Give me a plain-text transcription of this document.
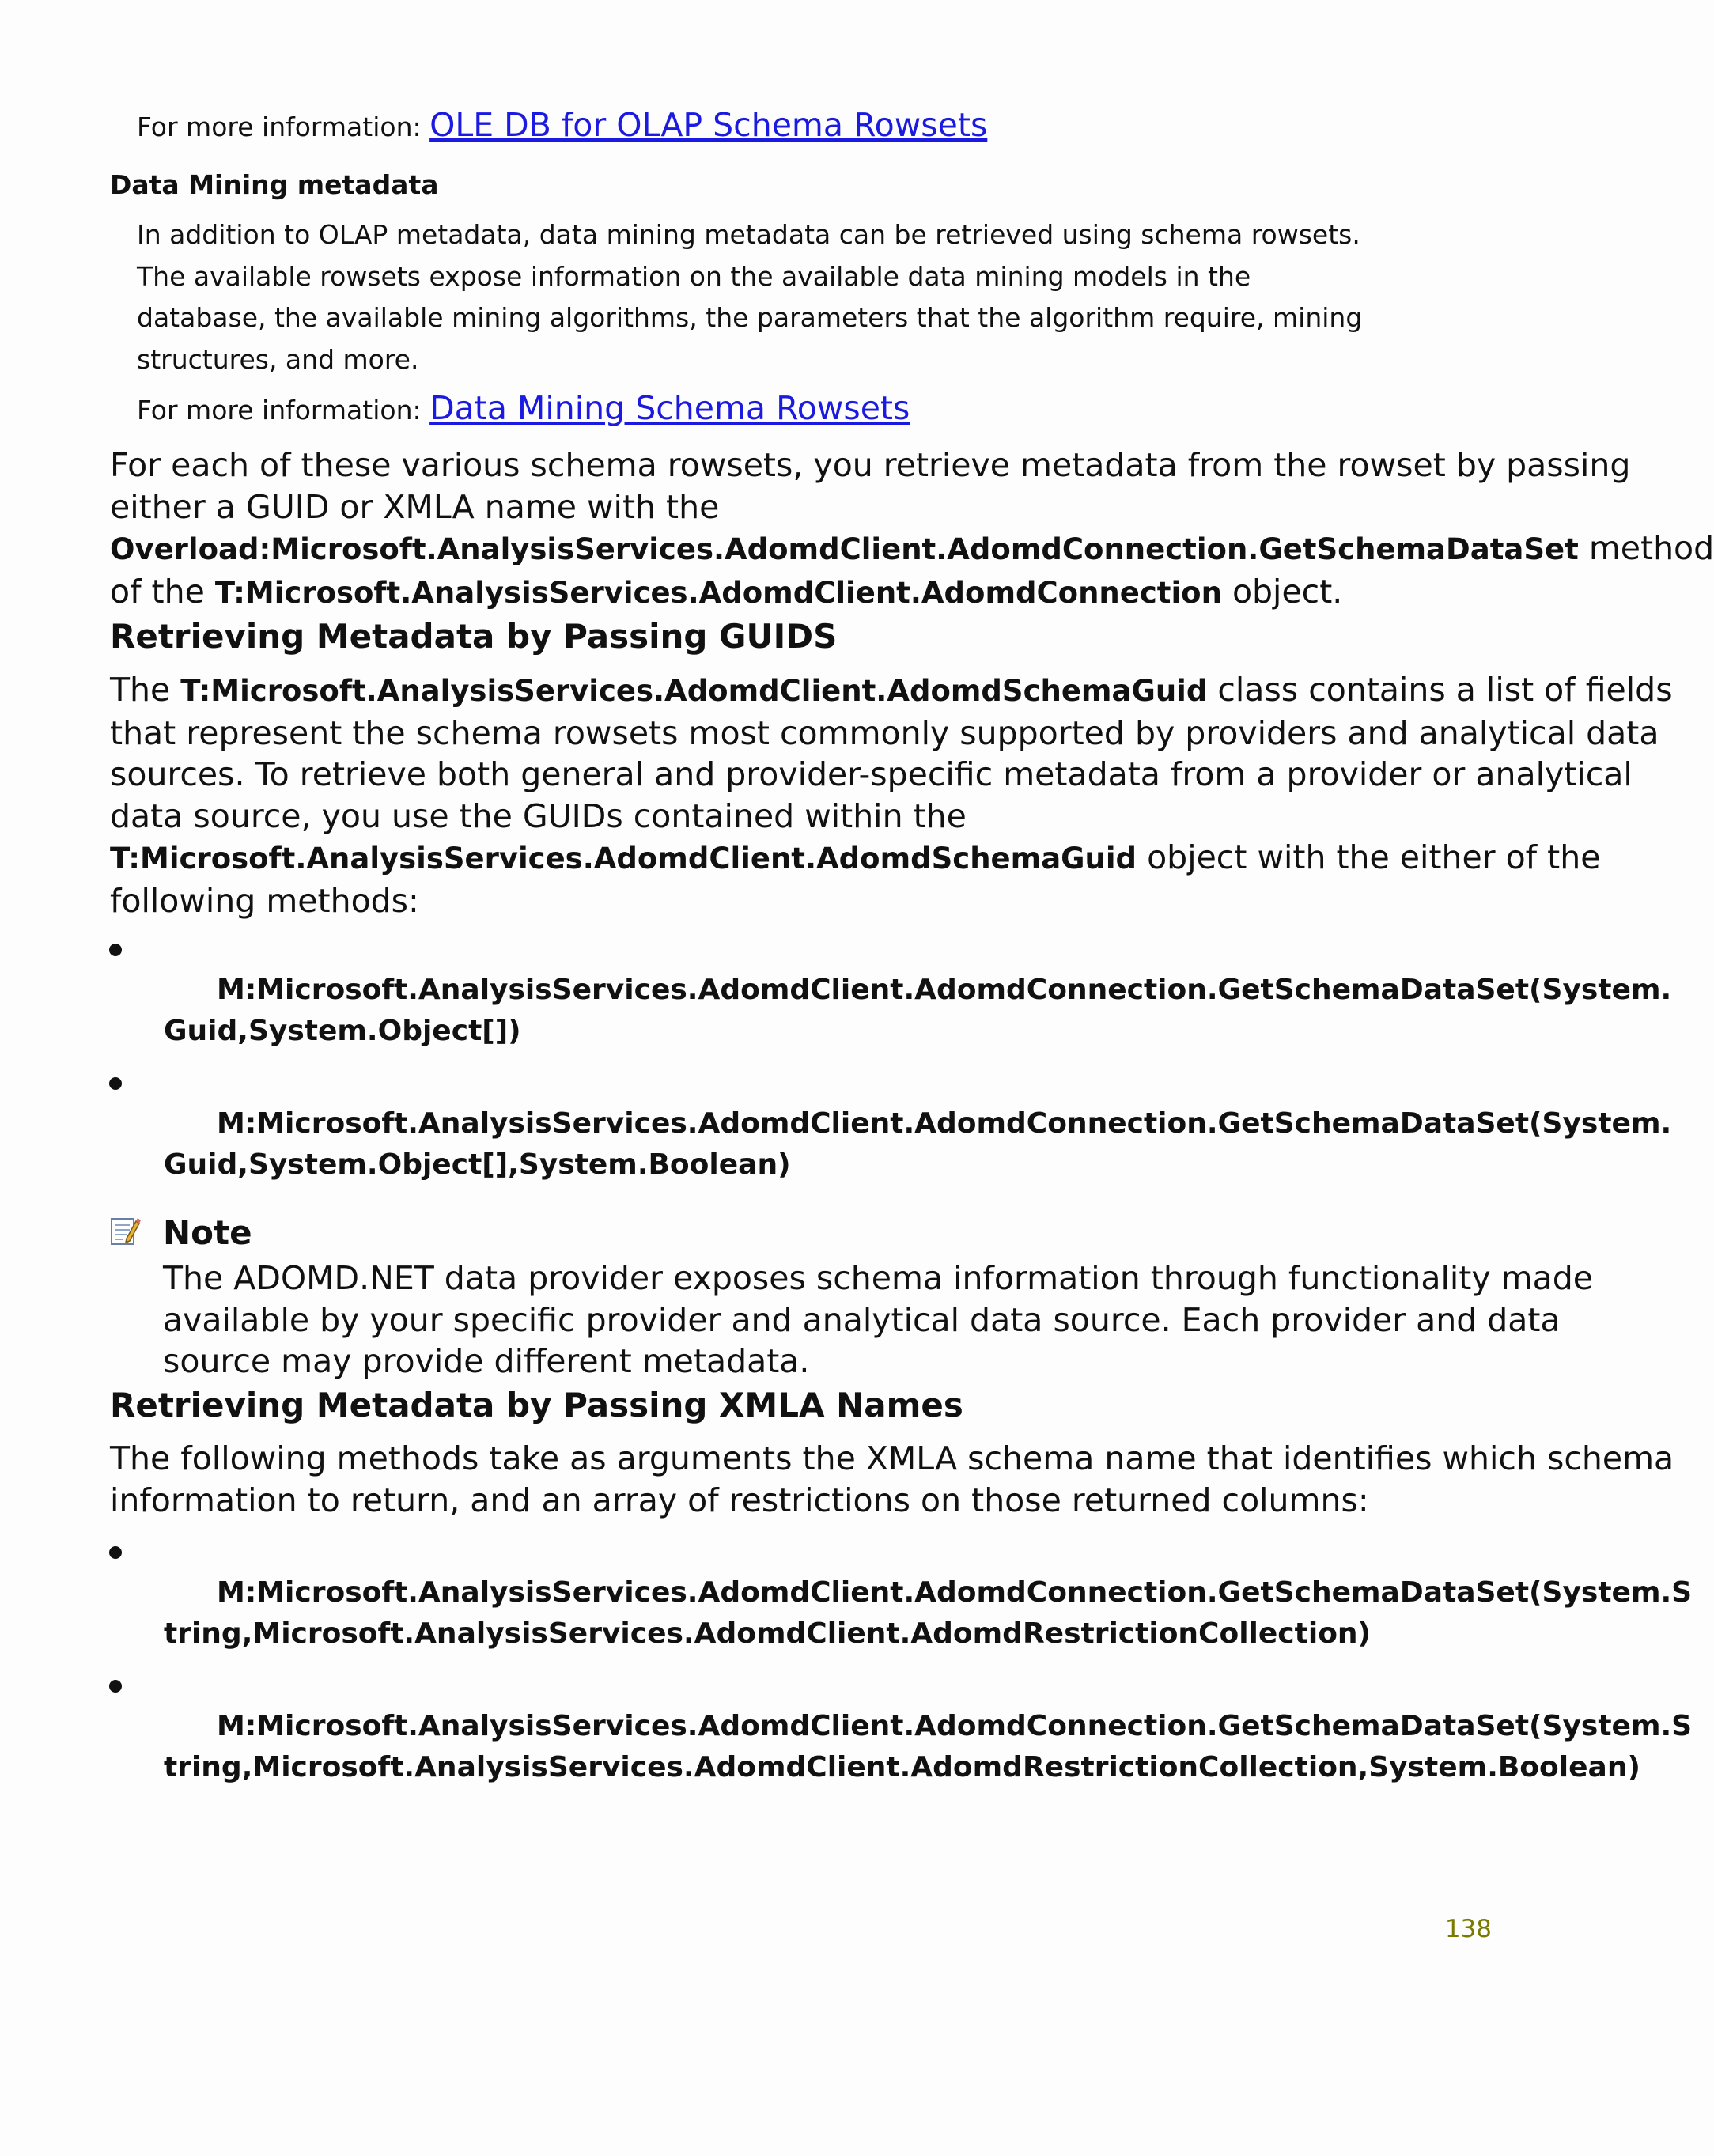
For more information: OLE DB for OLAP Schema Rowsets
Data Mining metadata
In addition to OLAP metadata, data mining metadata can be retrieved using schema rowsets.
The available rowsets expose information on the available data mining models in the
database, the available mining algorithms, the parameters that the algorithm require, mining
structures, and more.
For more information: Data Mining Schema Rowsets
For each of these various schema rowsets, you retrieve metadata from the rowset by passing
either a GUID or XMLA name with the
Overload:Microsoft.AnalysisServices.AdomdClient.AdomdConnection.GetSchemaDataSet method
of the T:Microsoft.AnalysisServices.AdomdClient.AdomdConnection object.
Retrieving Metadata by Passing GUIDS
The T:Microsoft.AnalysisServices.AdomdClient.AdomdSchemaGuid class contains a list of fields
that represent the schema rowsets most commonly supported by providers and analytical data
sources. To retrieve both general and provider-specific metadata from a provider or analytical
data source, you use the GUIDs contained within the
T:Microsoft.AnalysisServices.AdomdClient.AdomdSchemaGuid object with the either of the
following methods:
M:Microsoft.AnalysisServices.AdomdClient.AdomdConnection.GetSchemaDataSet(System.
Guid,System.Object[])
M:Microsoft.AnalysisServices.AdomdClient.AdomdConnection.GetSchemaDataSet(System.
Guid,System.Object[],System.Boolean)
Note
The ADOMD.NET data provider exposes schema information through functionality made
available by your specific provider and analytical data source. Each provider and data
source may provide different metadata.
Retrieving Metadata by Passing XMLA Names
The following methods take as arguments the XMLA schema name that identifies which schema
information to return, and an array of restrictions on those returned columns:
M:Microsoft.AnalysisServices.AdomdClient.AdomdConnection.GetSchemaDataSet(System.S
tring,Microsoft.AnalysisServices.AdomdClient.AdomdRestrictionCollection)
M:Microsoft.AnalysisServices.AdomdClient.AdomdConnection.GetSchemaDataSet(System.S
tring,Microsoft.AnalysisServices.AdomdClient.AdomdRestrictionCollection,System.Boolean)
138
